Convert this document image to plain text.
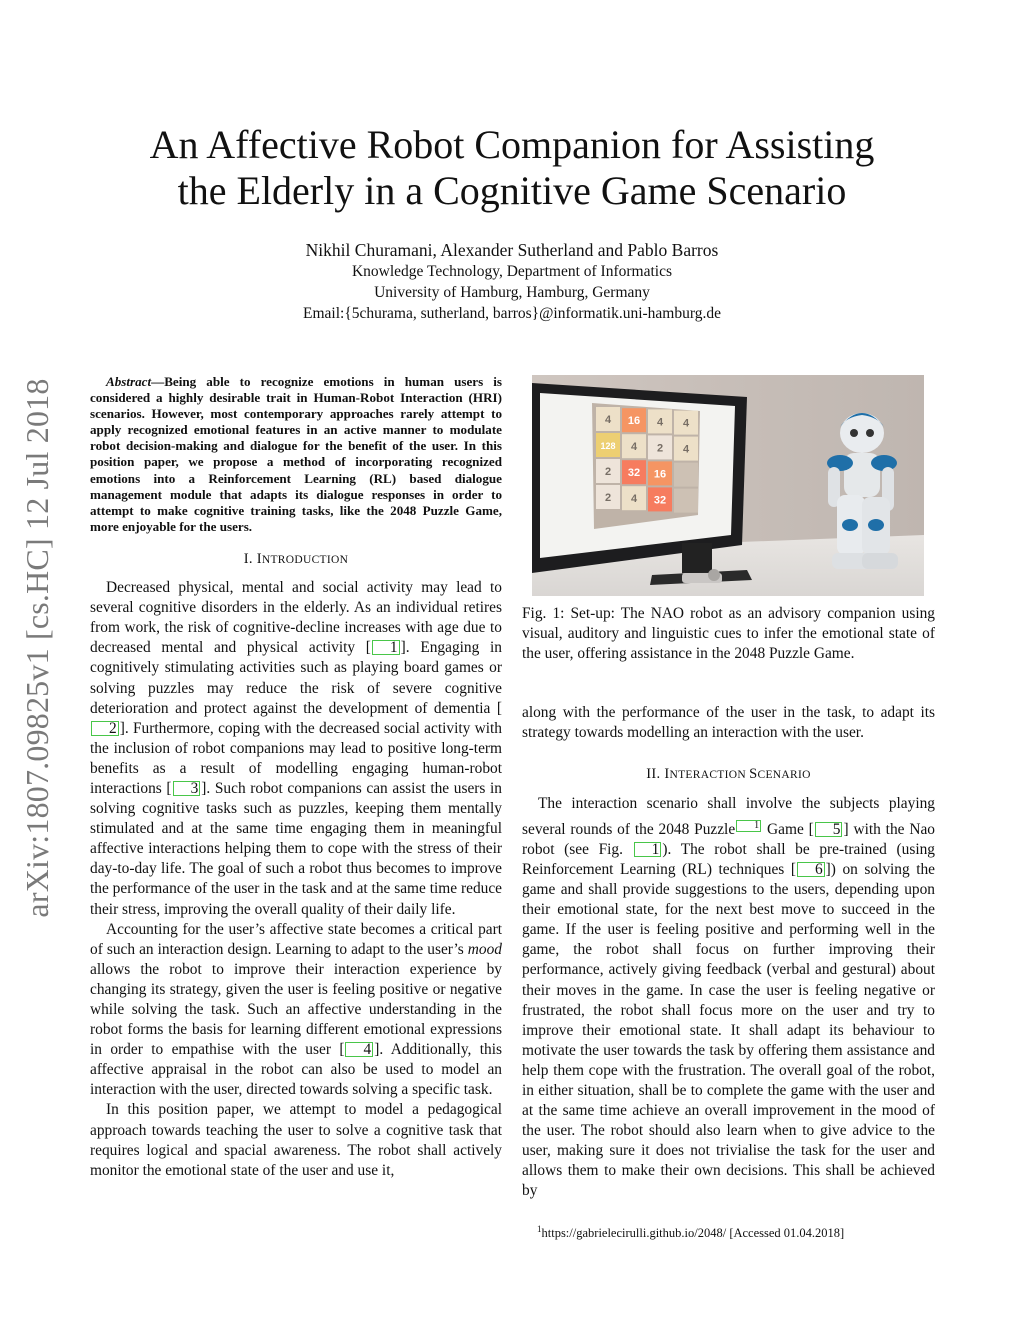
arXiv:1807.09825v1 [cs.HC] 12 Jul 2018
An Affective Robot Companion for Assisting
the Elderly in a Cognitive Game Scenario
Nikhil Churamani, Alexander Sutherland and Pablo Barros
Knowledge Technology, Department of Informatics
University of Hamburg, Hamburg, Germany
Email:{5churama, sutherland, barros}@informatik.uni-hamburg.de

Abstract—Being able to recognize emotions in human users is considered a highly desirable trait in Human-Robot Interaction (HRI) scenarios. However, most contemporary approaches rarely attempt to apply recognized emotional features in an active manner to modulate robot decision-making and dialogue for the benefit of the user. In this position paper, we propose a method of incorporating recognized emotions into a Reinforcement Learning (RL) based dialogue management module that adapts its dialogue responses in order to attempt to make cognitive training tasks, like the 2048 Puzzle Game, more enjoyable for the users.

I. INTRODUCTION

Decreased physical, mental and social activity may lead to several cognitive disorders in the elderly. As an individual retires from work, the risk of cognitive-decline increases with age due to decreased mental and physical activity [ 1 ]. Engaging in cognitively stimulating activities such as playing board games or solving puzzles may reduce the risk of severe cognitive deterioration and protect against the development of dementia [2 ]. Furthermore, coping with the decreased social activity with the inclusion of robot companions may lead to positive long-term benefits as a result of modelling engaging human-robot interactions [ 3 ]. Such robot companions can assist the users in solving cognitive tasks such as puzzles, keeping them mentally stimulated and at the same time engaging them in meaningful affective interactions helping them to cope with the stress of their day-to-day life. The goal of such a robot thus becomes to improve the performance of the user in the task and at the same time reduce their stress, improving the overall quality of their daily life.

Accounting for the user’s affective state becomes a critical part of such an interaction design. Learning to adapt to the user’s mood allows the robot to improve their interaction experience by changing its strategy, given the user is feeling positive or negative while solving the task. Such an affective understanding in the robot forms the basis for learning different emotional expressions in order to empathise with the user [ 4 ]. Additionally, this affective appraisal in the robot can also be used to model an interaction with the user, directed towards solving a specific task.

In this position paper, we attempt to model a pedagogical approach towards teaching the user to solve a cognitive task that requires logical and spacial awareness. The robot shall actively monitor the emotional state of the user and use it,

4 16 4 4
128 4 2 4
2 32 16
2 4 32

Fig. 1: Set-up: The NAO robot as an advisory companion using visual, auditory and linguistic cues to infer the emotional state of the user, offering assistance in the 2048 Puzzle Game.

along with the performance of the user in the task, to adapt its strategy towards modelling an interaction with the user.

II. INTERACTION SCENARIO

The interaction scenario shall involve the subjects playing several rounds of the 2048 Puzzle $^1$ Game [ 5 ] with the Nao robot (see Fig. 1 ). The robot shall be pre-trained (using Reinforcement Learning (RL) techniques [ 6 ]) on solving the game and shall provide suggestions to the users, depending upon their emotional state, for the next best move to succeed in the game. If the user is feeling positive and performing well in the game, the robot shall focus on further improving their performance, actively giving feedback (verbal and gestural) about their moves in the game. In case the user is feeling negative or frustrated, the robot shall focus more on the user and try to improve their emotional state. It shall adapt its behaviour to motivate the user towards the task by offering them assistance and help them cope with the frustration. The overall goal of the robot, in either situation, shall be to complete the game with the user and at the same time achieve an overall improvement in the mood of the user. The robot should also learn when to give advice to the user, making sure it does not trivialise the task for the user and allows them to make their own decisions. This shall be achieved by

$^1$https://gabrielecirulli.github.io/2048/ [Accessed 01.04.2018]
